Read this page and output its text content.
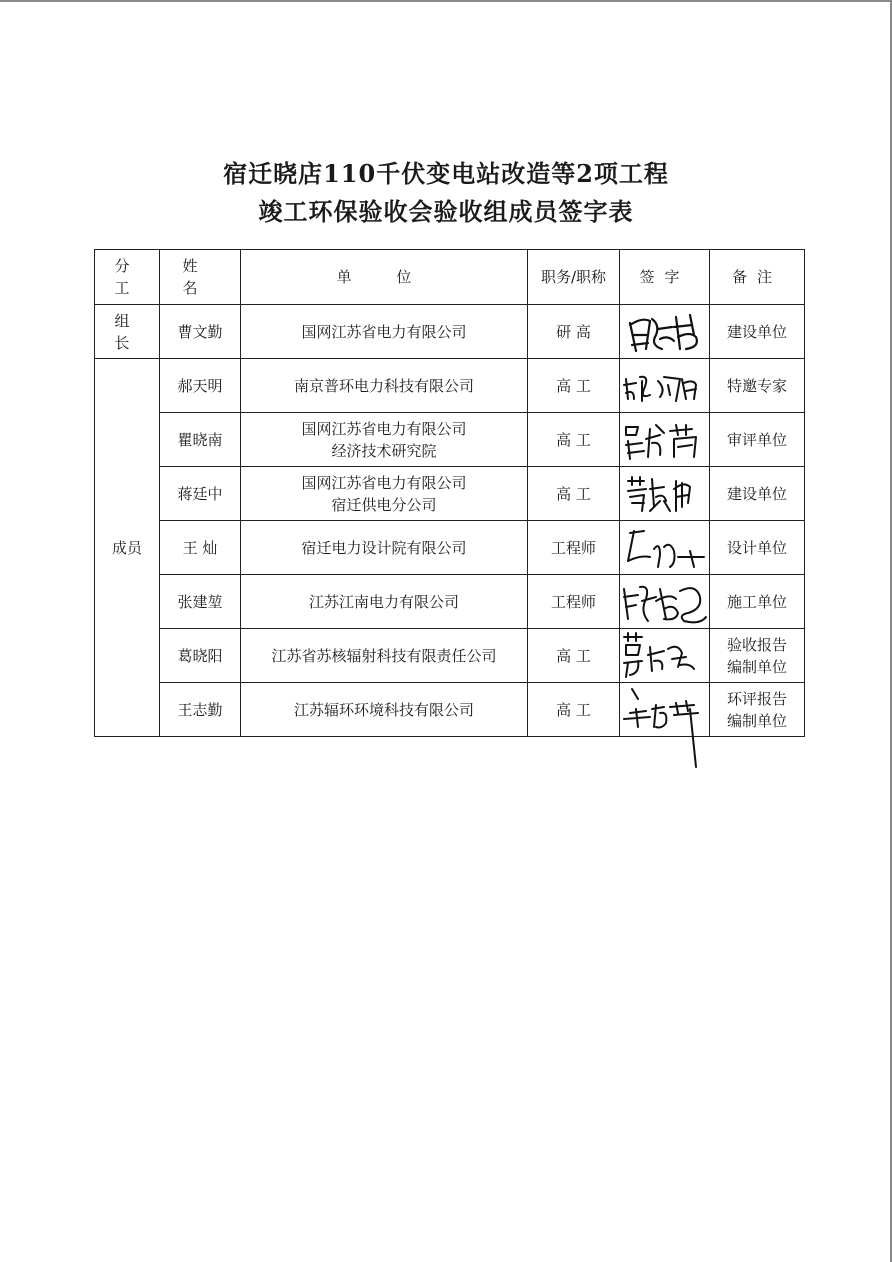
宿迁晓店110千伏变电站改造等2项工程
竣工环保验收会验收组成员签字表
分 工	姓 名	单 位	职务/职称	签字	备注
组 长	曹文勤	国网江苏省电力有限公司	研 高		建设单位

成员	郝天明	南京普环电力科技有限公司	高 工		特邀专家

	瞿晓南	国网江苏省电力有限公司
经济技术研究院	高 工		审评单位

	蒋廷中	国网江苏省电力有限公司
宿迁供电分公司	高 工		建设单位

	王 灿	宿迁电力设计院有限公司	工程师		设计单位

	张建堃	江苏江南电力有限公司	工程师		施工单位

	葛晓阳	江苏省苏核辐射科技有限责任公司	高 工		验收报告
编制单位

	王志勤	江苏辐环环境科技有限公司	高 工		环评报告
编制单位
